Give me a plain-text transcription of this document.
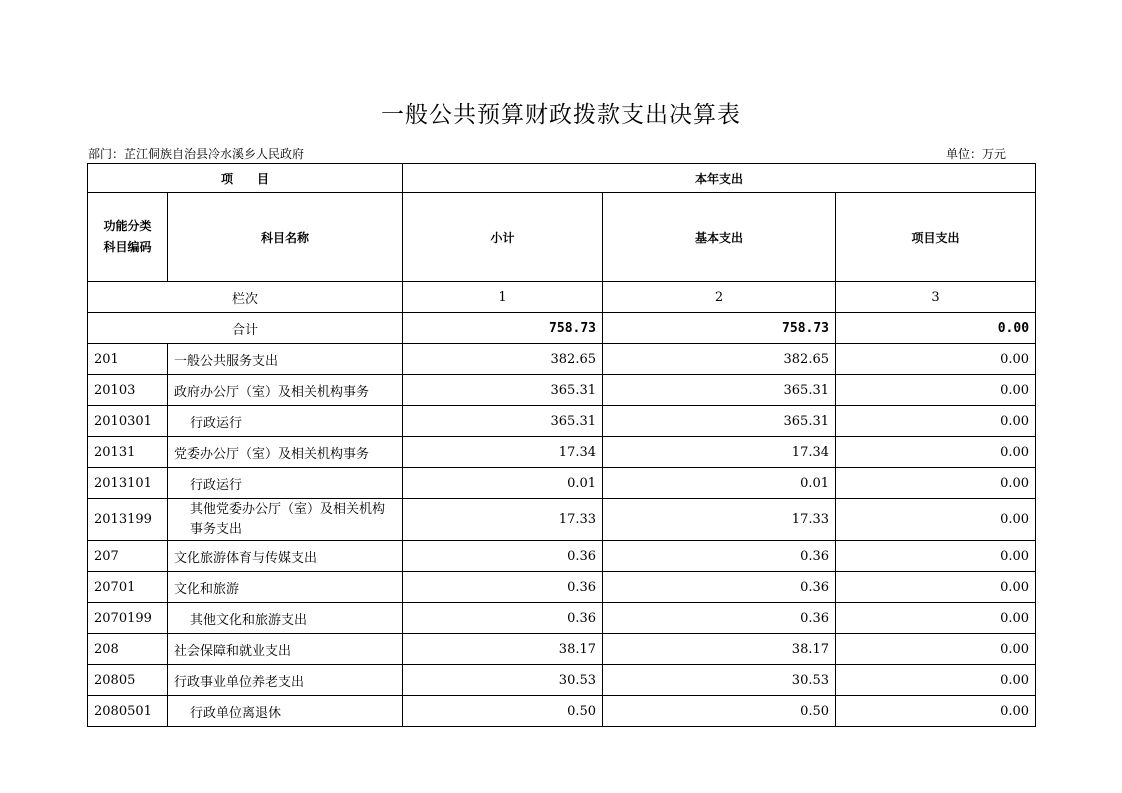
一般公共预算财政拨款支出决算表
部门：芷江侗族自治县冷水溪乡人民政府	单位：万元
项　　目		本年支出		
功能分类
科目编码	科目名称	小计	基本支出	项目支出
栏次		1	2	3
合计		758.73	758.73	0.00
201	一般公共服务支出	382.65	382.65	0.00
20103	政府办公厅（室）及相关机构事务	365.31	365.31	0.00
2010301	行政运行	365.31	365.31	0.00
20131	党委办公厅（室）及相关机构事务	17.34	17.34	0.00
2013101	行政运行	0.01	0.01	0.00
2013199	其他党委办公厅（室）及相关机构事务支出	17.33	17.33	0.00
207	文化旅游体育与传媒支出	0.36	0.36	0.00
20701	文化和旅游	0.36	0.36	0.00
2070199	其他文化和旅游支出	0.36	0.36	0.00
208	社会保障和就业支出	38.17	38.17	0.00
20805	行政事业单位养老支出	30.53	30.53	0.00
2080501	行政单位离退休	0.50	0.50	0.00
